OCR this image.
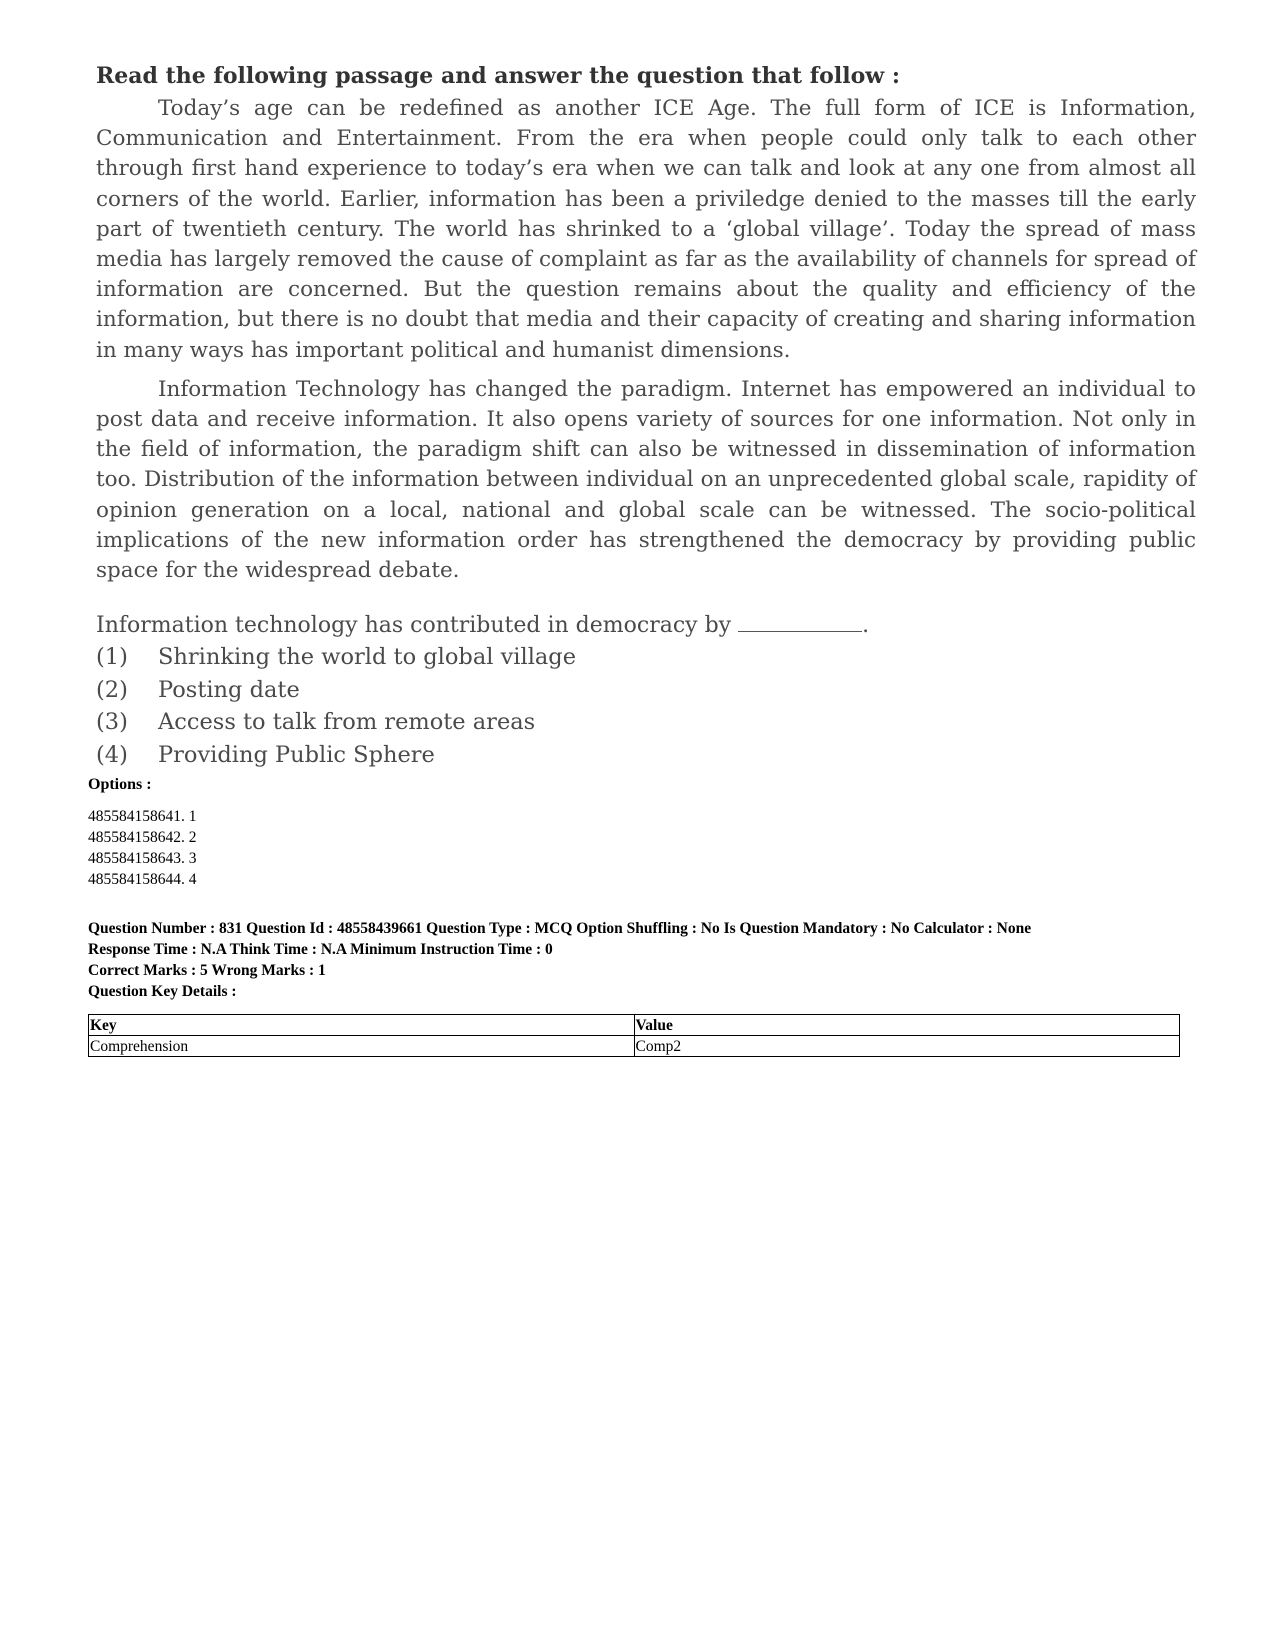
Read the following passage and answer the question that follow :

Today’s age can be redefined as another ICE Age. The full form of ICE is Information, Communication and Entertainment. From the era when people could only talk to each other through first hand experience to today’s era when we can talk and look at any one from almost all corners of the world. Earlier, information has been a priviledge denied to the masses till the early part of twentieth century. The world has shrinked to a ‘global village’. Today the spread of mass media has largely removed the cause of complaint as far as the availability of channels for spread of information are concerned. But the question remains about the quality and efficiency of the information, but there is no doubt that media and their capacity of creating and sharing information in many ways has important political and humanist dimensions.

Information Technology has changed the paradigm. Internet has empowered an individual to post data and receive information. It also opens variety of sources for one information. Not only in the field of information, the paradigm shift can also be witnessed in dissemination of information too. Distribution of the information between individual on an unprecedented global scale, rapidity of opinion generation on a local, national and global scale can be witnessed. The socio-political implications of the new information order has strengthened the democracy by providing public space for the widespread debate.

Information technology has contributed in democracy by	.
(1)	Shrinking the world to global village
(2)	Posting date
(3)	Access to talk from remote areas
(4)	Providing Public Sphere
Options :
485584158641. 1
485584158642. 2
485584158643. 3
485584158644. 4
Question Number : 831 Question Id : 48558439661 Question Type : MCQ Option Shuffling : No Is Question Mandatory : No Calculator : None
Response Time : N.A Think Time : N.A Minimum Instruction Time : 0
Correct Marks : 5 Wrong Marks : 1
Question Key Details :
Key	Value
Comprehension	Comp2
